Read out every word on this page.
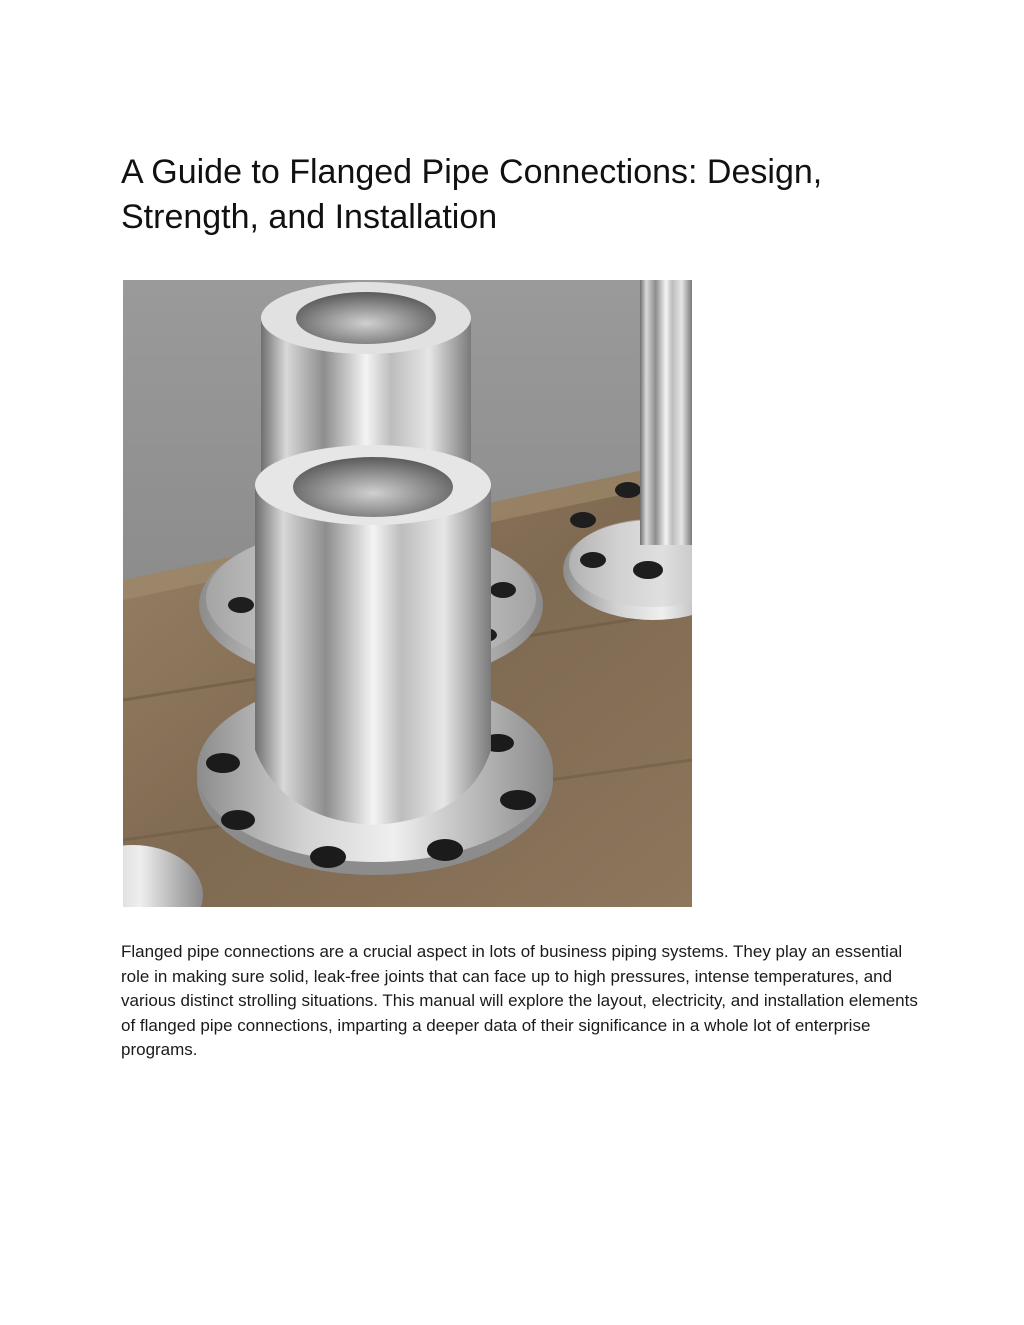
A Guide to Flanged Pipe Connections: Design, Strength, and Installation

Flanged pipe connections are a crucial aspect in lots of business piping systems. They play an essential role in making sure solid, leak-free joints that can face up to high pressures, intense temperatures, and various distinct strolling situations. This manual will explore the layout, electricity, and installation elements of flanged pipe connections, imparting a deeper data of their significance in a whole lot of enterprise programs.
